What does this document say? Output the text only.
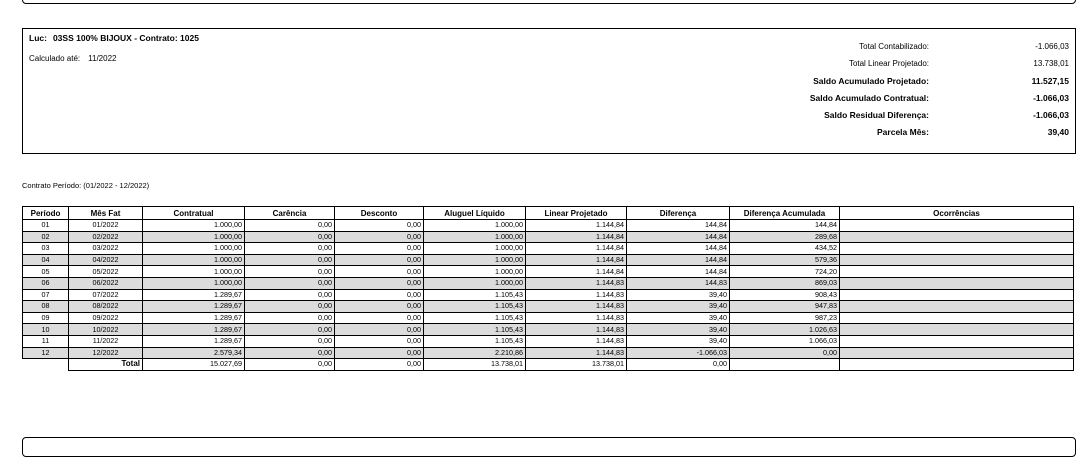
Luc: 03SS 100% BIJOUX - Contrato: 1025
Calculado até: 11/2022
Total Contabilizado:	-1.066,03
Total Linear Projetado:	13.738,01
Saldo Acumulado Projetado:	11.527,15
Saldo Acumulado Contratual:	-1.066,03
Saldo Residual Diferença:	-1.066,03
Parcela Mês:	39,40
Contrato Período: (01/2022 - 12/2022)
Período	Mês Fat	Contratual	Carência	Desconto	Aluguel Líquido	Linear Projetado	Diferença	Diferença Acumulada	Ocorrências
01	01/2022	1.000,00	0,00	0,00	1.000,00	1.144,84	144,84	144,84	
02	02/2022	1.000,00	0,00	0,00	1.000,00	1.144,84	144,84	289,68	
03	03/2022	1.000,00	0,00	0,00	1.000,00	1.144,84	144,84	434,52	
04	04/2022	1.000,00	0,00	0,00	1.000,00	1.144,84	144,84	579,36	
05	05/2022	1.000,00	0,00	0,00	1.000,00	1.144,84	144,84	724,20	
06	06/2022	1.000,00	0,00	0,00	1.000,00	1.144,83	144,83	869,03	
07	07/2022	1.289,67	0,00	0,00	1.105,43	1.144,83	39,40	908,43	
08	08/2022	1.289,67	0,00	0,00	1.105,43	1.144,83	39,40	947,83	
09	09/2022	1.289,67	0,00	0,00	1.105,43	1.144,83	39,40	987,23	
10	10/2022	1.289,67	0,00	0,00	1.105,43	1.144,83	39,40	1.026,63	
11	11/2022	1.289,67	0,00	0,00	1.105,43	1.144,83	39,40	1.066,03	
12	12/2022	2.579,34	0,00	0,00	2.210,86	1.144,83	-1.066,03	0,00	
	Total	15.027,69	0,00	0,00	13.738,01	13.738,01	0,00		
